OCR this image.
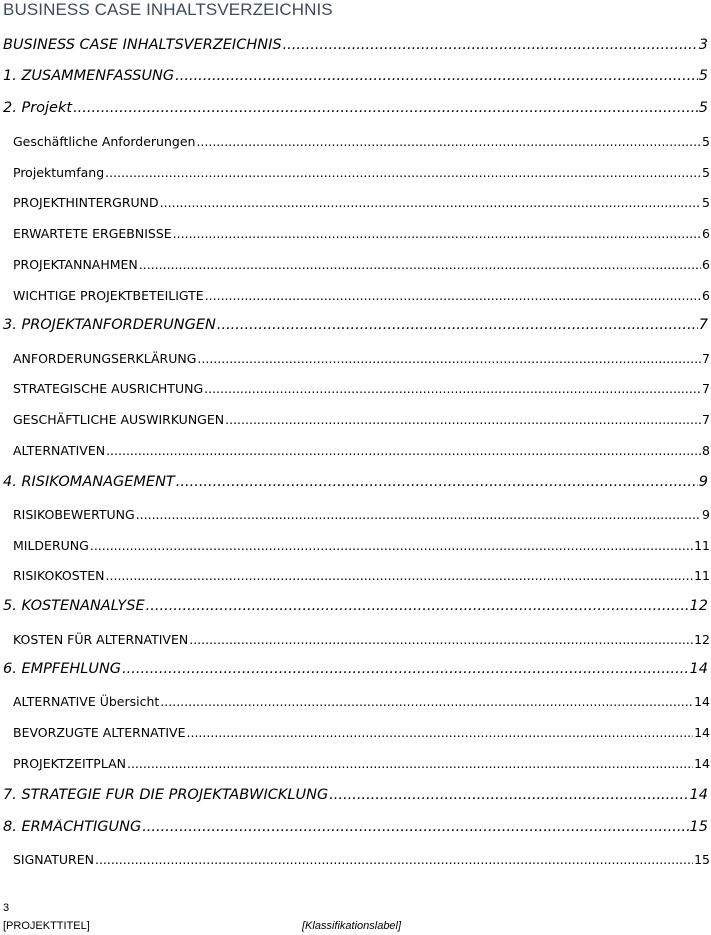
BUSINESS CASE INHALTSVERZEICHNIS
BUSINESS CASE INHALTSVERZEICHNIS .....	3
1. ZUSAMMENFASSUNG .....	5
2. Projekt .....	5
Geschäftliche Anforderungen .....	5
Projektumfang .....	5
PROJEKTHINTERGRUND .....	5
ERWARTETE ERGEBNISSE .....	6
PROJEKTANNAHMEN .....	6
WICHTIGE PROJEKTBETEILIGTE .....	6
3. PROJEKTANFORDERUNGEN .....	7
ANFORDERUNGSERKLÄRUNG .....	7
STRATEGISCHE AUSRICHTUNG .....	7
GESCHÄFTLICHE AUSWIRKUNGEN .....	7
ALTERNATIVEN .....	8
4. RISIKOMANAGEMENT .....	9
RISIKOBEWERTUNG .....	9
MILDERUNG .....	11
RISIKOKOSTEN .....	11
5. KOSTENANALYSE .....	12
KOSTEN FÜR ALTERNATIVEN .....	12
6. EMPFEHLUNG .....	14
ALTERNATIVE Übersicht .....	14
BEVORZUGTE ALTERNATIVE .....	14
PROJEKTZEITPLAN .....	14
7. STRATEGIE FÜR DIE PROJEKTABWICKLUNG .....	14
8. ERMÄCHTIGUNG .....	15
SIGNATUREN .....	15
3
[PROJEKTTITEL]	[Klassifikationslabel]
